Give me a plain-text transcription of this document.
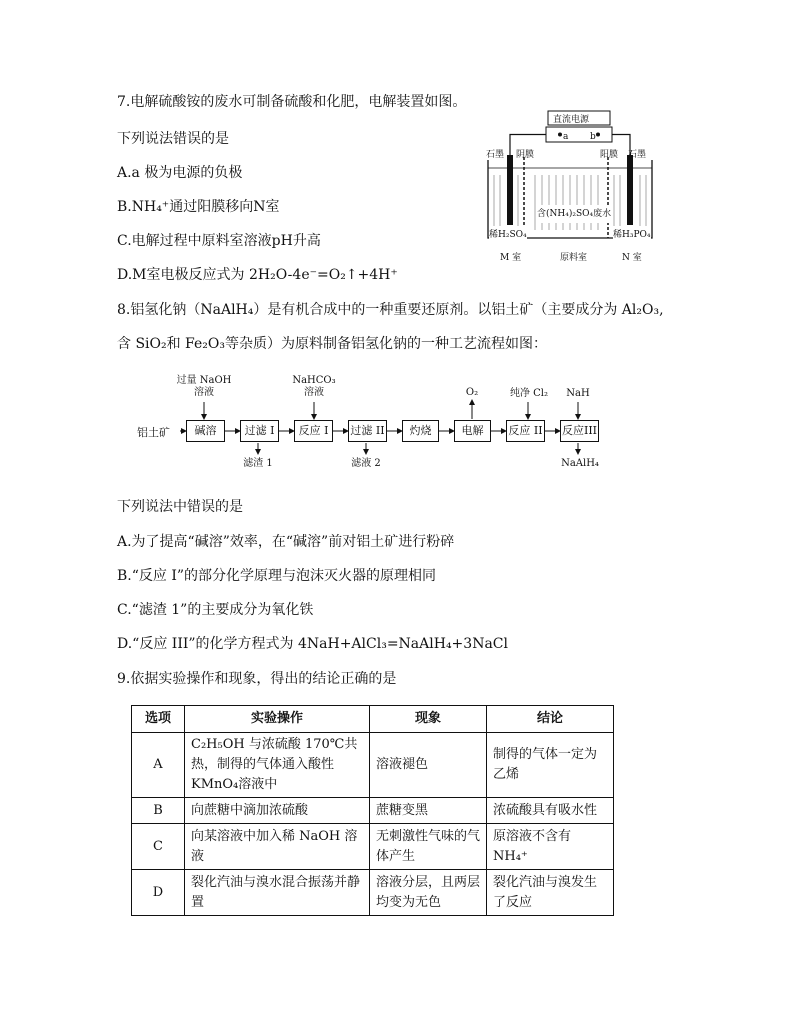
7.电解硫酸铵的废水可制备硫酸和化肥，电解装置如图。
下列说法错误的是
A.a 极为电源的负极
B.NH₄⁺通过阳膜移向N室
C.电解过程中原料室溶液pH升高
D.M室电极反应式为 2H₂O-4e⁻=O₂↑+4H⁺
直流电源
a b
石墨 阴膜	阳膜 石墨
含(NH₄)₂SO₄废水
稀H₂SO₄	稀H₃PO₄
M 室	原料室	N 室
8.铝氢化钠（NaAlH₄）是有机合成中的一种重要还原剂。以铝土矿（主要成分为 Al₂O₃,
含 SiO₂和 Fe₂O₃等杂质）为原料制备铝氢化钠的一种工艺流程如图：
铝土矿	碱溶	过滤 I	反应 I	过滤 II	灼烧	电解	反应 II 反应III
过量 NaOH
溶液
NaHCO₃
溶液	O₂	纯净 Cl₂	NaH
滤渣 1	滤液 2	NaAlH₄
下列说法中错误的是
A.为了提高“碱溶”效率，在“碱溶”前对铝土矿进行粉碎
B.“反应 I”的部分化学原理与泡沫灭火器的原理相同
C.“滤渣 1”的主要成分为氧化铁
D.“反应 III”的化学方程式为 4NaH+AlCl₃=NaAlH₄+3NaCl
9.依据实验操作和现象，得出的结论正确的是
选项	实验操作	现象	结论
A	C₂H₅OH 与浓硫酸 170℃共热，制得的气体通入酸性 KMnO₄溶液中	溶液褪色	制得的气体一定为乙烯
B	向蔗糖中滴加浓硫酸	蔗糖变黑	浓硫酸具有吸水性
C	向某溶液中加入稀 NaOH 溶液	无刺激性气味的气体产生	原溶液不含有 NH₄⁺
D	裂化汽油与溴水混合振荡并静置	溶液分层，且两层均变为无色	裂化汽油与溴发生了反应
